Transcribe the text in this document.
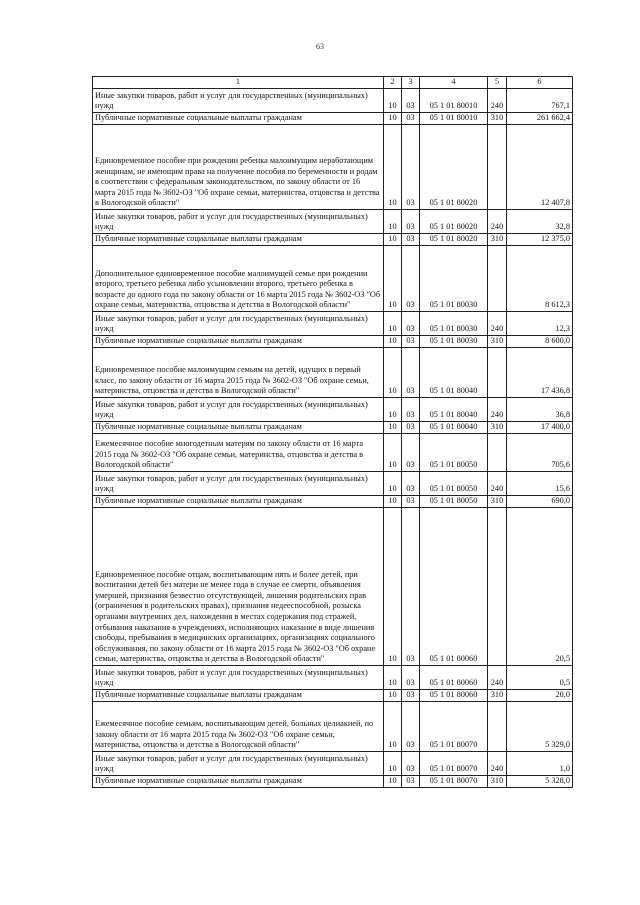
63
1	2	3	4	5	6
Иные закупки товаров, работ и услуг для государственных (муниципальных) нужд	10	03	05 1 01 80010	240	767,1
Публичные нормативные социальные выплаты гражданам	10	03	05 1 01 80010	310	261 662,4
Единовременное пособие при рождении ребенка малоимущим неработающим женщинам, не имеющим права на получение пособия по беременности и родам в соответствии с федеральным законодательством, по закону области от 16 марта 2015 года № 3602-ОЗ "Об охране семьи, материнства, отцовства и детства в Вологодской области"	10	03	05 1 01 80020		12 407,8
Иные закупки товаров, работ и услуг для государственных (муниципальных) нужд	10	03	05 1 01 80020	240	32,8
Публичные нормативные социальные выплаты гражданам	10	03	05 1 01 80020	310	12 375,0
Дополнительное единовременное пособие малоимущей семье при рождении второго, третьего ребенка либо усыновлении второго, третьего ребенка в возрасте до одного года по закону области от 16 марта 2015 года № 3602-ОЗ "Об охране семьи, материнства, отцовства и детства в Вологодской области"	10	03	05 1 01 80030		8 612,3
Иные закупки товаров, работ и услуг для государственных (муниципальных) нужд	10	03	05 1 01 80030	240	12,3
Публичные нормативные социальные выплаты гражданам	10	03	05 1 01 80030	310	8 600,0
Единовременное пособие малоимущим семьям на детей, идущих в первый класс, по закону области от 16 марта 2015 года № 3602-ОЗ "Об охране семьи, материнства, отцовства и детства в Вологодской области"	10	03	05 1 01 80040		17 436,8
Иные закупки товаров, работ и услуг для государственных (муниципальных) нужд	10	03	05 1 01 80040	240	36,8
Публичные нормативные социальные выплаты гражданам	10	03	05 1 01 80040	310	17 400,0
Ежемесячное пособие многодетным матерям по закону области от 16 марта 2015 года № 3602-ОЗ "Об охране семьи, материнства, отцовства и детства в Вологодской области"	10	03	05 1 01 80050		705,6
Иные закупки товаров, работ и услуг для государственных (муниципальных) нужд	10	03	05 1 01 80050	240	15,6
Публичные нормативные социальные выплаты гражданам	10	03	05 1 01 80050	310	690,0
Единовременное пособие отцам, воспитывающим пять и более детей, при воспитании детей без матери не менее года в случае ее смерти, объявления умершей, признания безвестно отсутствующей, лишения родительских прав (ограничения в родительских правах), признания недееспособной, розыска органами внутренних дел, нахождения в местах содержания под стражей, отбывания наказания в учреждениях, исполняющих наказание в виде лишения свободы, пребывания в медицинских организациях, организациях социального обслуживания, по закону области от 16 марта 2015 года № 3602-ОЗ "Об охране семьи, материнства, отцовства и детства в Вологодской области"	10	03	05 1 01 80060		20,5
Иные закупки товаров, работ и услуг для государственных (муниципальных) нужд	10	03	05 1 01 80060	240	0,5
Публичные нормативные социальные выплаты гражданам	10	03	05 1 01 80060	310	20,0
Ежемесячное пособие семьям, воспитывающим детей, больных целиакией, по закону области от 16 марта 2015 года № 3602-ОЗ "Об охране семьи, материнства, отцовства и детства в Вологодской области"	10	03	05 1 01 80070		5 329,0
Иные закупки товаров, работ и услуг для государственных (муниципальных) нужд	10	03	05 1 01 80070	240	1,0
Публичные нормативные социальные выплаты гражданам	10	03	05 1 01 80070	310	5 328,0
